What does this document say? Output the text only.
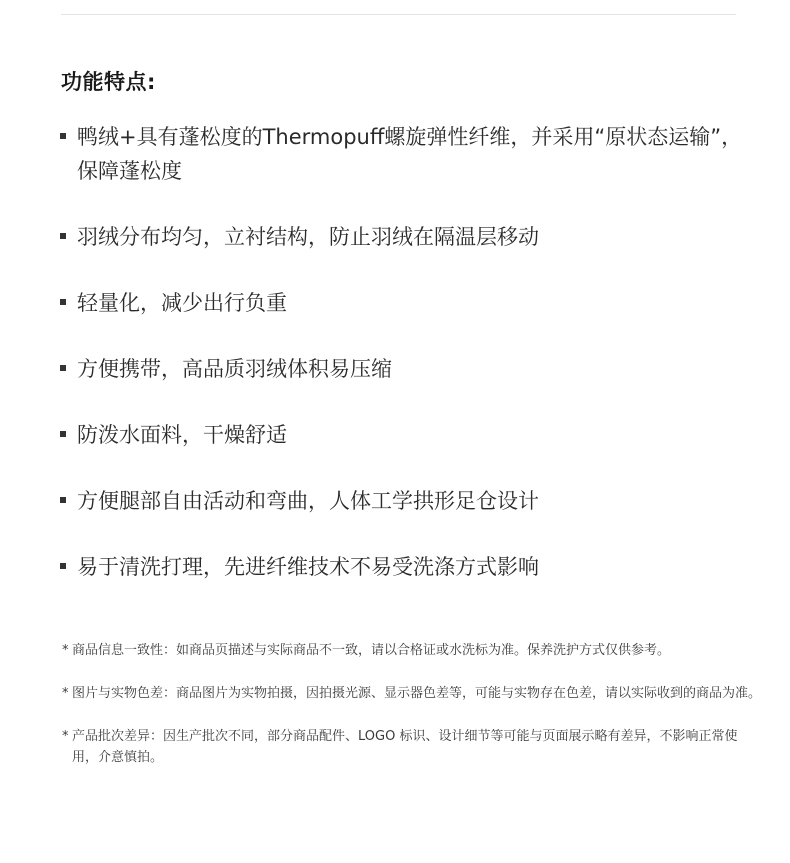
功能特点:
鸭绒+具有蓬松度的Thermopuff螺旋弹性纤维，并采用“原状态运输”，保障蓬松度
羽绒分布均匀，立衬结构，防止羽绒在隔温层移动
轻量化，减少出行负重
方便携带，高品质羽绒体积易压缩
防泼水面料，干燥舒适
方便腿部自由活动和弯曲，人体工学拱形足仓设计
易于清洗打理，先进纤维技术不易受洗涤方式影响
* 商品信息一致性：如商品页描述与实际商品不一致，请以合格证或水洗标为准。保养洗护方式仅供参考。
* 图片与实物色差：商品图片为实物拍摄，因拍摄光源、显示器色差等，可能与实物存在色差，请以实际收到的商品为准。
* 产品批次差异：因生产批次不同，部分商品配件、LOGO 标识、设计细节等可能与页面展示略有差异，不影响正常使用，介意慎拍。
